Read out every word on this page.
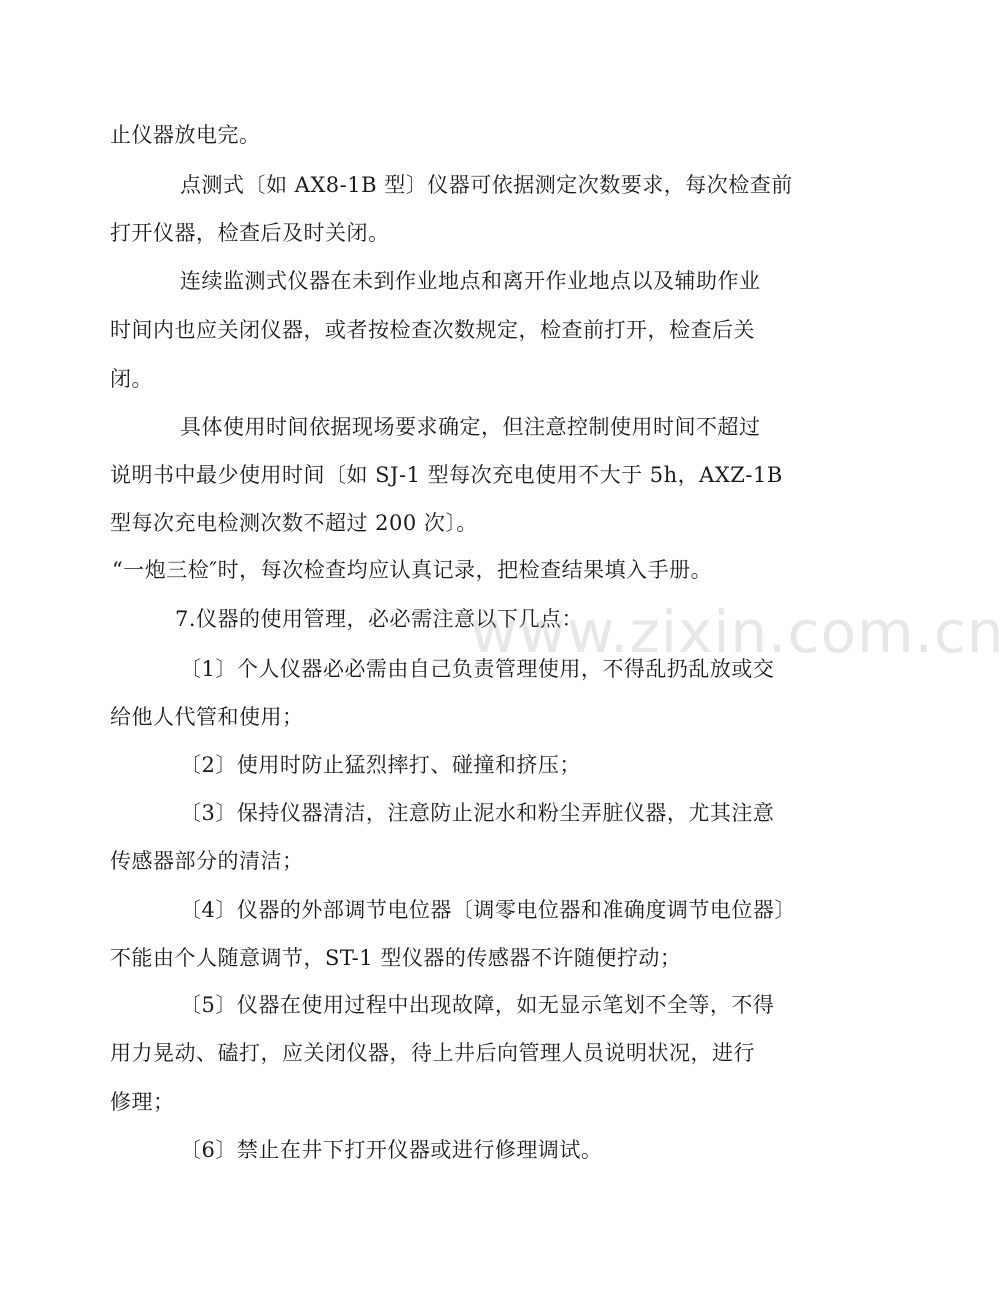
止仪器放电完。
点测式〔如 AX8-1B 型〕仪器可依据测定次数要求，每次检查前
打开仪器，检查后及时关闭。
连续监测式仪器在未到作业地点和离开作业地点以及辅助作业
时间内也应关闭仪器，或者按检查次数规定，检查前打开，检查后关
闭。
具体使用时间依据现场要求确定，但注意控制使用时间不超过
说明书中最少使用时间〔如 SJ-1 型每次充电使用不大于 5h，AXZ-1B
型每次充电检测次数不超过 200 次〕。
“一炮三检″时，每次检查均应认真记录，把检查结果填入手册。
7.仪器的使用管理，必必需注意以下几点：
〔1〕个人仪器必必需由自己负责管理使用，不得乱扔乱放或交
给他人代管和使用；
〔2〕使用时防止猛烈摔打、碰撞和挤压；
〔3〕保持仪器清洁，注意防止泥水和粉尘弄脏仪器，尤其注意
传感器部分的清洁；
〔4〕仪器的外部调节电位器〔调零电位器和准确度调节电位器〕
不能由个人随意调节，ST-1 型仪器的传感器不许随便拧动；
〔5〕仪器在使用过程中出现故障，如无显示笔划不全等，不得
用力晃动、磕打，应关闭仪器，待上井后向管理人员说明状况，进行
修理；
〔6〕禁止在井下打开仪器或进行修理调试。
www.zixin.com.cn
